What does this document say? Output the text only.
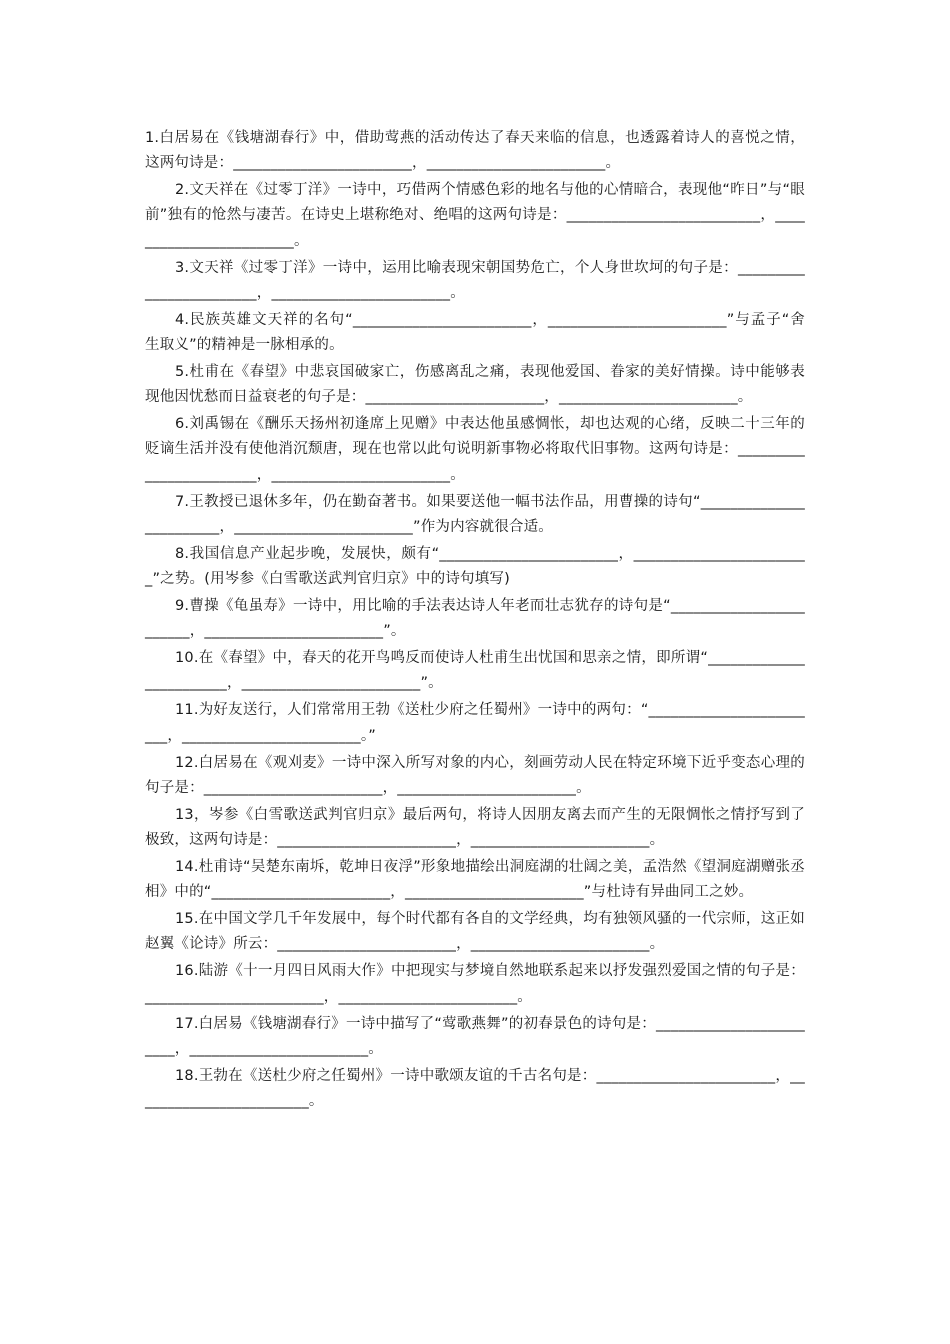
1.白居易在《钱塘湖春行》中，借助莺燕的活动传达了春天来临的信息，也透露着诗人的喜悦之情，这两句诗是：________________________，________________________。

2.文天祥在《过零丁洋》一诗中，巧借两个情感色彩的地名与他的心情暗合，表现他“昨日”与“眼前”独有的怆然与凄苦。在诗史上堪称绝对、绝唱的这两句诗是：__________________________，________________________。

3.文天祥《过零丁洋》一诗中，运用比喻表现宋朝国势危亡，个人身世坎坷的句子是：________________________，________________________。

4.民族英雄文天祥的名句“________________________，________________________”与孟子“舍生取义”的精神是一脉相承的。

5.杜甫在《春望》中悲哀国破家亡，伤感离乱之痛，表现他爱国、眷家的美好情操。诗中能够表现他因忧愁而日益衰老的句子是：________________________，________________________。

6.刘禹锡在《酬乐天扬州初逢席上见赠》中表达他虽感惆怅，却也达观的心绪，反映二十三年的贬谪生活并没有使他消沉颓唐，现在也常以此句说明新事物必将取代旧事物。这两句诗是：________________________，________________________。

7.王教授已退休多年，仍在勤奋著书。如果要送他一幅书法作品，用曹操的诗句“________________________，________________________”作为内容就很合适。

8.我国信息产业起步晚，发展快，颇有“________________________，________________________”之势。(用岑参《白雪歌送武判官归京》中的诗句填写)

9.曹操《龟虽寿》一诗中，用比喻的手法表达诗人年老而壮志犹存的诗句是“________________________，________________________”。

10.在《春望》中，春天的花开鸟鸣反而使诗人杜甫生出忧国和思亲之情，即所谓“________________________，________________________”。

11.为好友送行，人们常常用王勃《送杜少府之任蜀州》一诗中的两句：“________________________，________________________。”

12.白居易在《观刈麦》一诗中深入所写对象的内心，刻画劳动人民在特定环境下近乎变态心理的句子是：________________________，________________________。

13，岑参《白雪歌送武判官归京》最后两句，将诗人因朋友离去而产生的无限惆怅之情抒写到了极致，这两句诗是：________________________，________________________。

14.杜甫诗“吴楚东南坼，乾坤日夜浮”形象地描绘出洞庭湖的壮阔之美，孟浩然《望洞庭湖赠张丞相》中的“________________________，________________________”与杜诗有异曲同工之妙。

15.在中国文学几千年发展中，每个时代都有各自的文学经典，均有独领风骚的一代宗师，这正如赵翼《论诗》所云：________________________，________________________。

16.陆游《十一月四日风雨大作》中把现实与梦境自然地联系起来以抒发强烈爱国之情的句子是：________________________，________________________。

17.白居易《钱塘湖春行》一诗中描写了“莺歌燕舞”的初春景色的诗句是：________________________，________________________。

18.王勃在《送杜少府之任蜀州》一诗中歌颂友谊的千古名句是：________________________，________________________。
